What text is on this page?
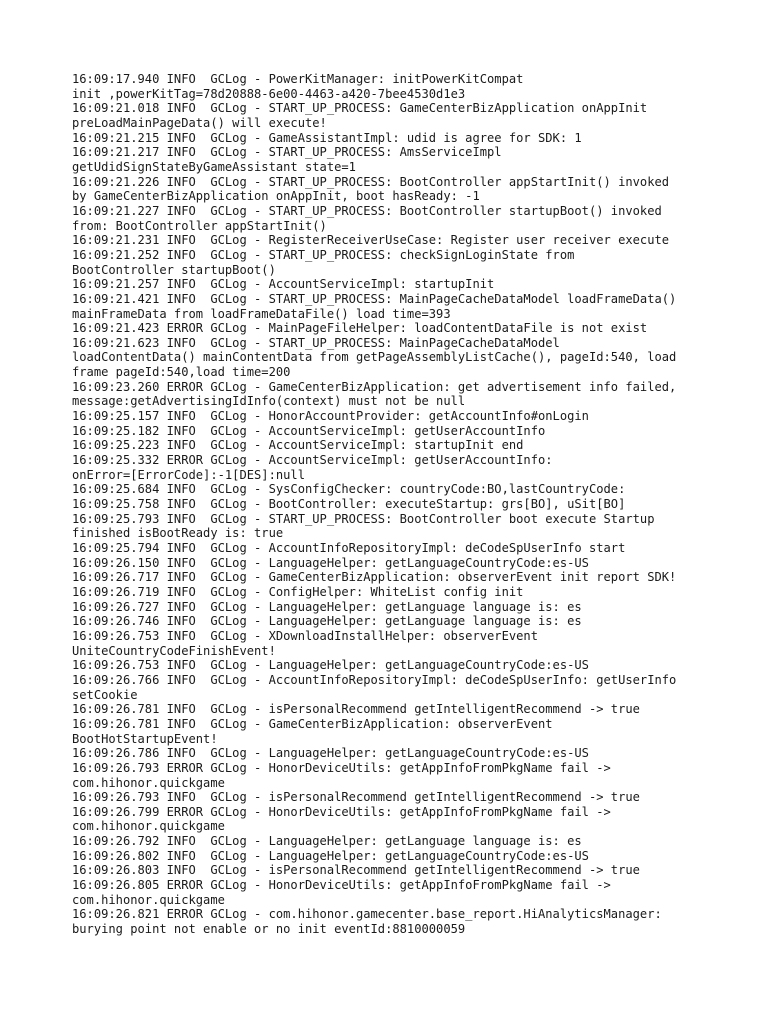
16:09:17.940 INFO  GCLog - PowerKitManager: initPowerKitCompat
init ,powerKitTag=78d20888-6e00-4463-a420-7bee4530d1e3
16:09:21.018 INFO  GCLog - START_UP_PROCESS: GameCenterBizApplication onAppInit
preLoadMainPageData() will execute!
16:09:21.215 INFO  GCLog - GameAssistantImpl: udid is agree for SDK: 1
16:09:21.217 INFO  GCLog - START_UP_PROCESS: AmsServiceImpl
getUdidSignStateByGameAssistant state=1
16:09:21.226 INFO  GCLog - START_UP_PROCESS: BootController appStartInit() invoked
by GameCenterBizApplication onAppInit, boot hasReady: -1
16:09:21.227 INFO  GCLog - START_UP_PROCESS: BootController startupBoot() invoked
from: BootController appStartInit()
16:09:21.231 INFO  GCLog - RegisterReceiverUseCase: Register user receiver execute
16:09:21.252 INFO  GCLog - START_UP_PROCESS: checkSignLoginState from
BootController startupBoot()
16:09:21.257 INFO  GCLog - AccountServiceImpl: startupInit
16:09:21.421 INFO  GCLog - START_UP_PROCESS: MainPageCacheDataModel loadFrameData()
mainFrameData from loadFrameDataFile() load time=393
16:09:21.423 ERROR GCLog - MainPageFileHelper: loadContentDataFile is not exist
16:09:21.623 INFO  GCLog - START_UP_PROCESS: MainPageCacheDataModel
loadContentData() mainContentData from getPageAssemblyListCache(), pageId:540, load
frame pageId:540,load time=200
16:09:23.260 ERROR GCLog - GameCenterBizApplication: get advertisement info failed,
message:getAdvertisingIdInfo(context) must not be null
16:09:25.157 INFO  GCLog - HonorAccountProvider: getAccountInfo#onLogin
16:09:25.182 INFO  GCLog - AccountServiceImpl: getUserAccountInfo
16:09:25.223 INFO  GCLog - AccountServiceImpl: startupInit end
16:09:25.332 ERROR GCLog - AccountServiceImpl: getUserAccountInfo:
onError=[ErrorCode]:-1[DES]:null
16:09:25.684 INFO  GCLog - SysConfigChecker: countryCode:BO,lastCountryCode:
16:09:25.758 INFO  GCLog - BootController: executeStartup: grs[BO], uSit[BO]
16:09:25.793 INFO  GCLog - START_UP_PROCESS: BootController boot execute Startup
finished isBootReady is: true
16:09:25.794 INFO  GCLog - AccountInfoRepositoryImpl: deCodeSpUserInfo start
16:09:26.150 INFO  GCLog - LanguageHelper: getLanguageCountryCode:es-US
16:09:26.717 INFO  GCLog - GameCenterBizApplication: observerEvent init report SDK!
16:09:26.719 INFO  GCLog - ConfigHelper: WhiteList config init
16:09:26.727 INFO  GCLog - LanguageHelper: getLanguage language is: es
16:09:26.746 INFO  GCLog - LanguageHelper: getLanguage language is: es
16:09:26.753 INFO  GCLog - XDownloadInstallHelper: observerEvent
UniteCountryCodeFinishEvent!
16:09:26.753 INFO  GCLog - LanguageHelper: getLanguageCountryCode:es-US
16:09:26.766 INFO  GCLog - AccountInfoRepositoryImpl: deCodeSpUserInfo: getUserInfo
setCookie
16:09:26.781 INFO  GCLog - isPersonalRecommend getIntelligentRecommend -> true
16:09:26.781 INFO  GCLog - GameCenterBizApplication: observerEvent
BootHotStartupEvent!
16:09:26.786 INFO  GCLog - LanguageHelper: getLanguageCountryCode:es-US
16:09:26.793 ERROR GCLog - HonorDeviceUtils: getAppInfoFromPkgName fail ->
com.hihonor.quickgame
16:09:26.793 INFO  GCLog - isPersonalRecommend getIntelligentRecommend -> true
16:09:26.799 ERROR GCLog - HonorDeviceUtils: getAppInfoFromPkgName fail ->
com.hihonor.quickgame
16:09:26.792 INFO  GCLog - LanguageHelper: getLanguage language is: es
16:09:26.802 INFO  GCLog - LanguageHelper: getLanguageCountryCode:es-US
16:09:26.803 INFO  GCLog - isPersonalRecommend getIntelligentRecommend -> true
16:09:26.805 ERROR GCLog - HonorDeviceUtils: getAppInfoFromPkgName fail ->
com.hihonor.quickgame
16:09:26.821 ERROR GCLog - com.hihonor.gamecenter.base_report.HiAnalyticsManager:
burying point not enable or no init eventId:8810000059
